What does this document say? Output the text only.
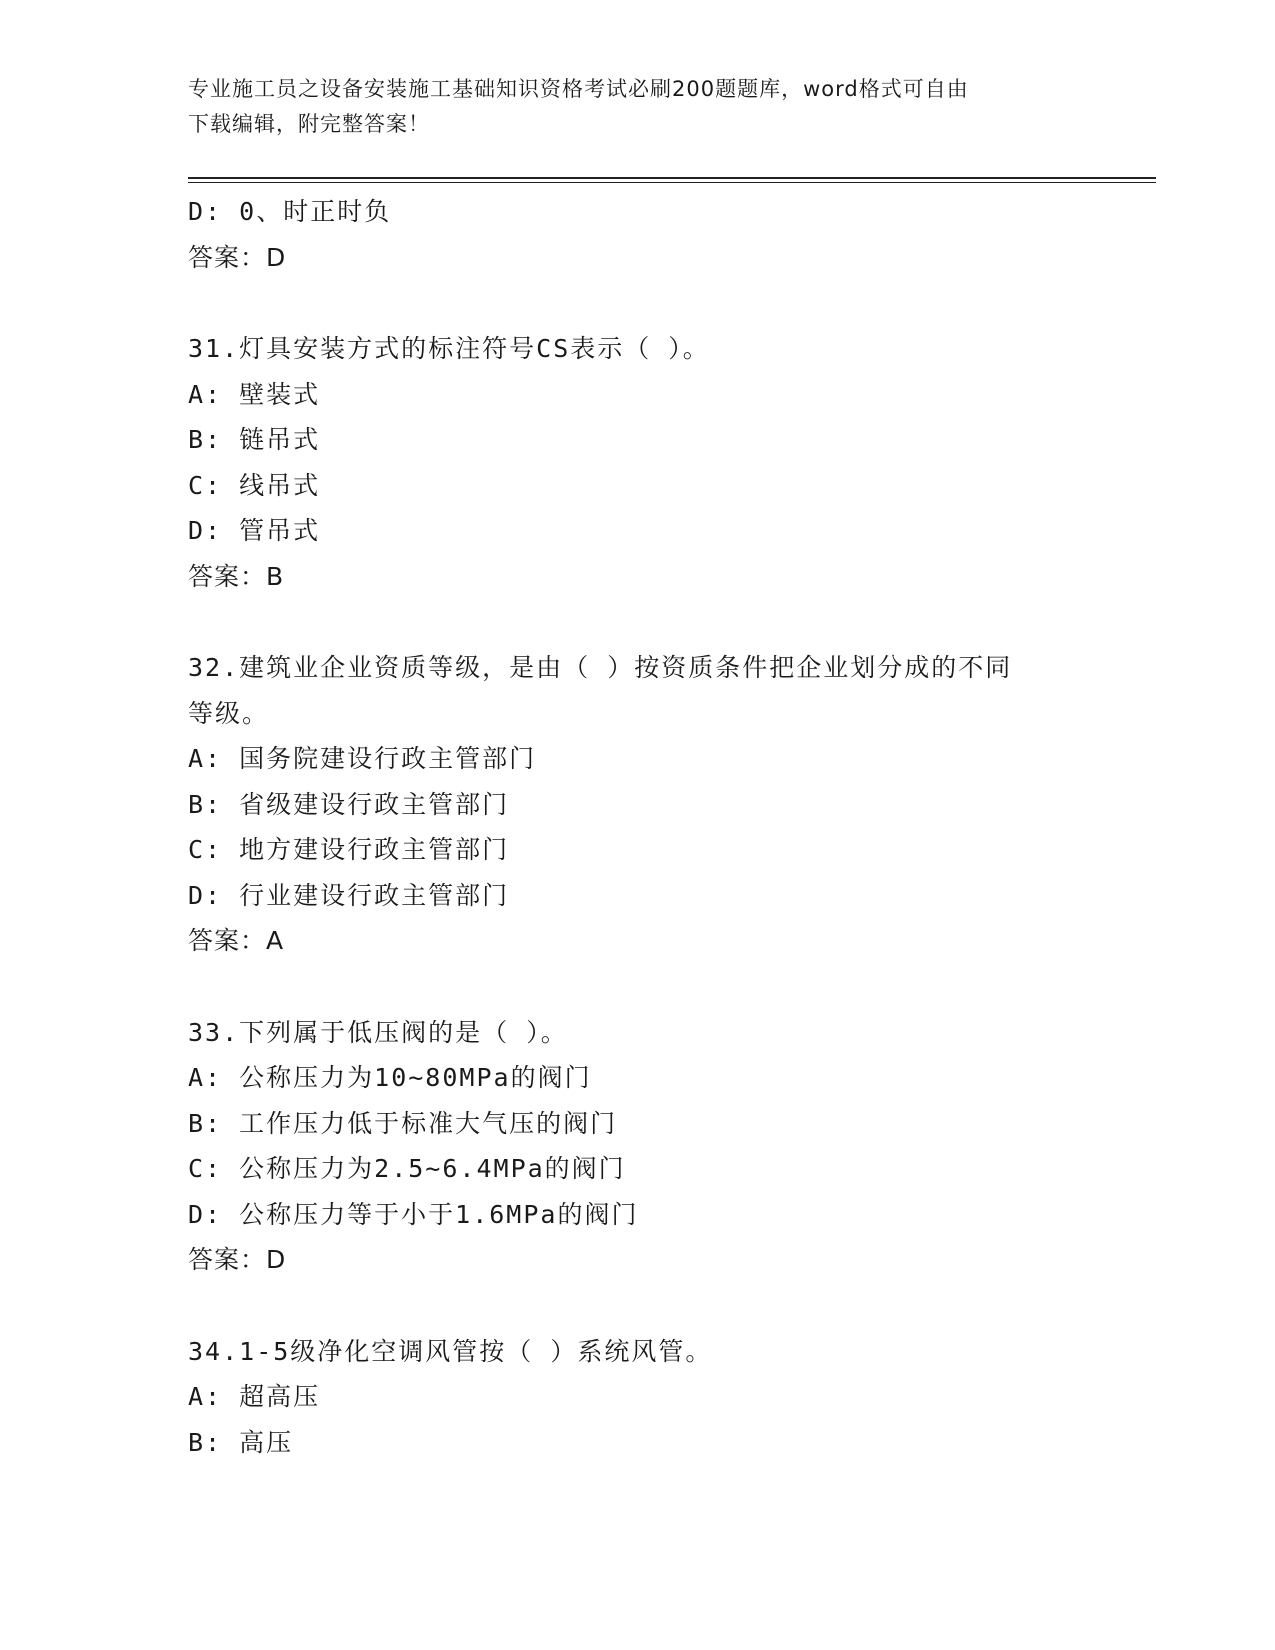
专业施工员之设备安装施工基础知识资格考试必刷200题题库，word格式可自由
下载编辑，附完整答案！
D: 0、时正时负
答案：D
31.灯具安装方式的标注符号CS表示（ ）。
A: 壁装式
B: 链吊式
C: 线吊式
D: 管吊式
答案：B
32.建筑业企业资质等级，是由（ ）按资质条件把企业划分成的不同
等级。
A: 国务院建设行政主管部门
B: 省级建设行政主管部门
C: 地方建设行政主管部门
D: 行业建设行政主管部门
答案：A
33.下列属于低压阀的是（ ）。
A: 公称压力为10~80MPa的阀门
B: 工作压力低于标准大气压的阀门
C: 公称压力为2.5~6.4MPa的阀门
D: 公称压力等于小于1.6MPa的阀门
答案：D
34.1-5级净化空调风管按（ ）系统风管。
A: 超高压
B: 高压
